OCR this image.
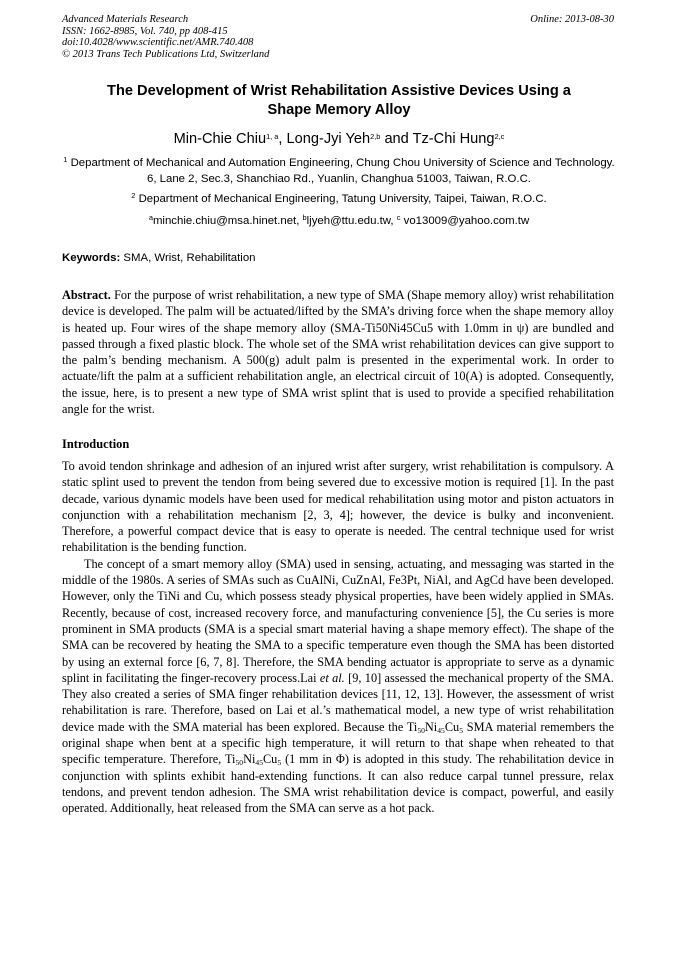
Advanced Materials Research
ISSN: 1662-8985, Vol. 740, pp 408-415
doi:10.4028/www.scientific.net/AMR.740.408
© 2013 Trans Tech Publications Ltd, Switzerland
Online: 2013-08-30
The Development of Wrist Rehabilitation Assistive Devices Using a
Shape Memory Alloy
Min-Chie Chiu$^{1, a}$, Long-Jyi Yeh$^{2,b}$ and Tz-Chi Hung$^{2,c}$
$^1$ Department of Mechanical and Automation Engineering, Chung Chou University of Science and Technology. 6, Lane 2, Sec.3, Shanchiao Rd., Yuanlin, Changhua 51003, Taiwan, R.O.C.
$^2$ Department of Mechanical Engineering, Tatung University, Taipei, Taiwan, R.O.C.
$^a$minchie.chiu@msa.hinet.net, $^b$ljyeh@ttu.edu.tw, $^c$ vo13009@yahoo.com.tw
Keywords: SMA, Wrist, Rehabilitation
Abstract. For the purpose of wrist rehabilitation, a new type of SMA (Shape memory alloy) wrist rehabilitation device is developed. The palm will be actuated/lifted by the SMA’s driving force when the shape memory alloy is heated up. Four wires of the shape memory alloy (SMA-Ti50Ni45Cu5 with 1.0mm in ψ) are bundled and passed through a fixed plastic block. The whole set of the SMA wrist rehabilitation devices can give support to the palm’s bending mechanism. A 500(g) adult palm is presented in the experimental work. In order to actuate/lift the palm at a sufficient rehabilitation angle, an electrical circuit of 10(A) is adopted. Consequently, the issue, here, is to present a new type of SMA wrist splint that is used to provide a specified rehabilitation angle for the wrist.
Introduction

To avoid tendon shrinkage and adhesion of an injured wrist after surgery, wrist rehabilitation is compulsory. A static splint used to prevent the tendon from being severed due to excessive motion is required [1]. In the past decade, various dynamic models have been used for medical rehabilitation using motor and piston actuators in conjunction with a rehabilitation mechanism [2, 3, 4]; however, the device is bulky and inconvenient. Therefore, a powerful compact device that is easy to operate is needed. The central technique used for wrist rehabilitation is the bending function.

The concept of a smart memory alloy (SMA) used in sensing, actuating, and messaging was started in the middle of the 1980s. A series of SMAs such as CuAlNi, CuZnAl, Fe3Pt, NiAl, and AgCd have been developed. However, only the TiNi and Cu, which possess steady physical properties, have been widely applied in SMAs. Recently, because of cost, increased recovery force, and manufacturing convenience [5], the Cu series is more prominent in SMA products (SMA is a special smart material having a shape memory effect). The shape of the SMA can be recovered by heating the SMA to a specific temperature even though the SMA has been distorted by using an external force [6, 7, 8]. Therefore, the SMA bending actuator is appropriate to serve as a dynamic splint in facilitating the finger-recovery process.Lai et al. [9, 10] assessed the mechanical property of the SMA. They also created a series of SMA finger rehabilitation devices [11, 12, 13]. However, the assessment of wrist rehabilitation is rare. Therefore, based on Lai et al.’s mathematical model, a new type of wrist rehabilitation device made with the SMA material has been explored. Because the $Ti_{50}Ni_{45}Cu_5$ SMA material remembers the original shape when bent at a specific high temperature, it will return to that shape when reheated to that specific temperature. Therefore, $Ti_{50}Ni_{45}Cu_5$ (1 mm in Φ) is adopted in this study. The rehabilitation device in conjunction with splints exhibit hand-extending functions. It can also reduce carpal tunnel pressure, relax tendons, and prevent tendon adhesion. The SMA wrist rehabilitation device is compact, powerful, and easily operated. Additionally, heat released from the SMA can serve as a hot pack.
